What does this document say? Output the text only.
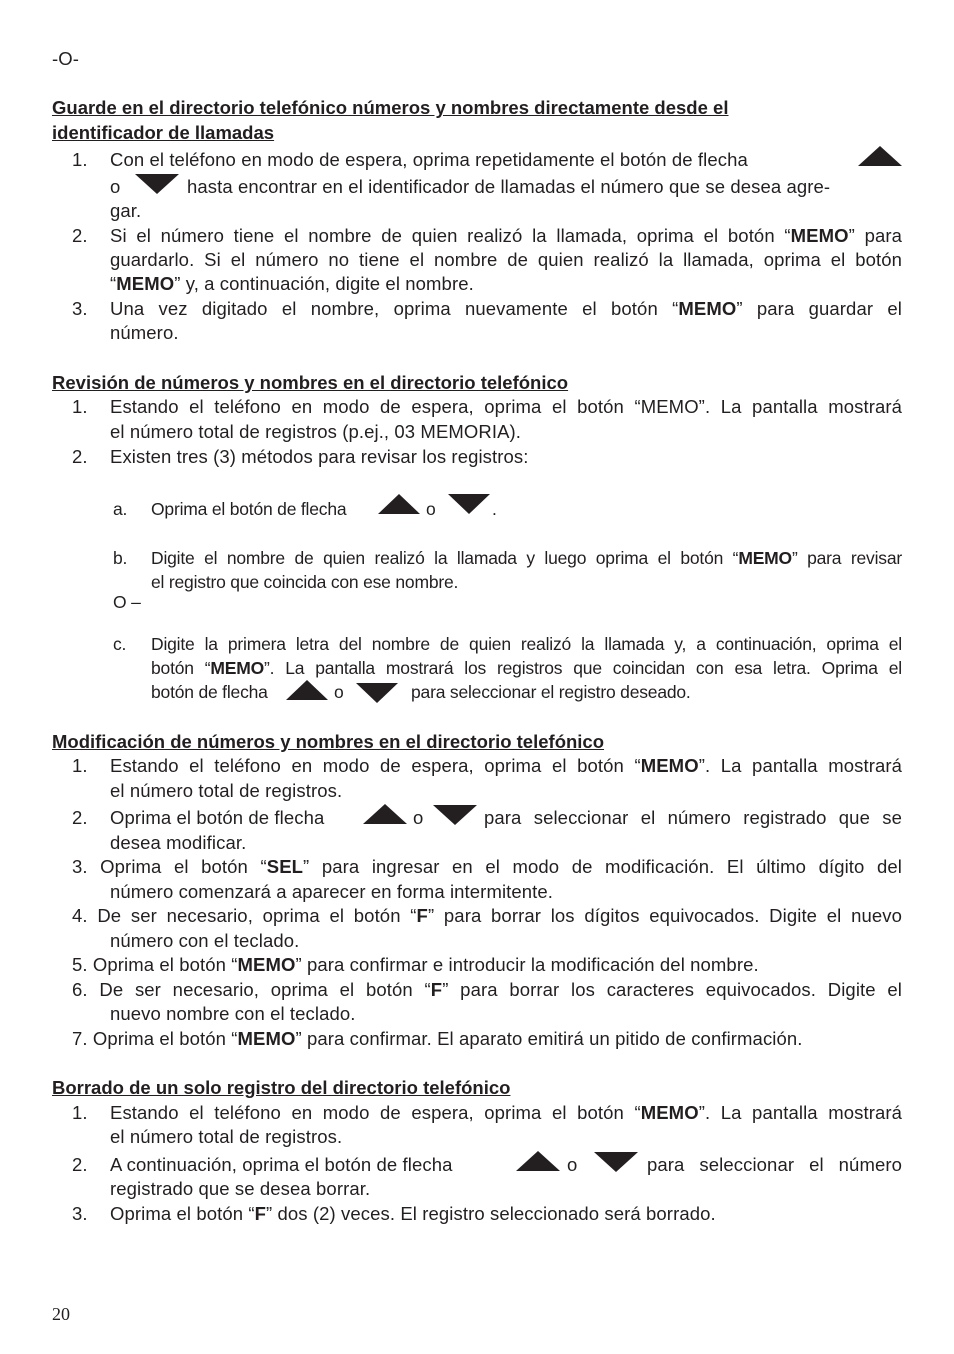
-O-
Guarde en el directorio telefónico números y nombres directamente desde el
identificador de llamadas
1. Con el teléfono en modo de espera, oprima repetidamente el botón de flecha
o	hasta encontrar en el identificador de llamadas el número que se desea agre-
gar.
2. Si el número tiene el nombre de quien realizó la llamada, oprima el botón “MEMO” para
guardarlo. Si el número no tiene el nombre de quien realizó la llamada, oprima el botón
“MEMO” y, a continuación, digite el nombre.
3. Una vez digitado el nombre, oprima nuevamente el botón “MEMO” para guardar el
número.
Revisión de números y nombres en el directorio telefónico
1. Estando el teléfono en modo de espera, oprima el botón “MEMO”. La pantalla mostrará
el número total de registros (p.ej., 03 MEMORIA).
2. Existen tres (3) métodos para revisar los registros:
a. Oprima el botón de flecha	o	.
b. Digite el nombre de quien realizó la llamada y luego oprima el botón “MEMO” para revisar
el registro que coincida con ese nombre.
O –
c. Digite la primera letra del nombre de quien realizó la llamada y, a continuación, oprima el
botón “MEMO”. La pantalla mostrará los registros que coincidan con esa letra. Oprima el
botón de flecha	o	para seleccionar el registro deseado.
Modificación de números y nombres en el directorio telefónico
1. Estando el teléfono en modo de espera, oprima el botón “MEMO”. La pantalla mostrará
el número total de registros.
2. Oprima el botón de flecha	o	para seleccionar el número registrado que se
desea modificar.
3. Oprima el botón “SEL” para ingresar en el modo de modificación. El último dígito del
número comenzará a aparecer en forma intermitente.
4. De ser necesario, oprima el botón “F” para borrar los dígitos equivocados. Digite el nuevo
número con el teclado.
5. Oprima el botón “MEMO” para confirmar e introducir la modificación del nombre.
6. De ser necesario, oprima el botón “F” para borrar los caracteres equivocados. Digite el
nuevo nombre con el teclado.
7. Oprima el botón “MEMO” para confirmar. El aparato emitirá un pitido de confirmación.
Borrado de un solo registro del directorio telefónico
1. Estando el teléfono en modo de espera, oprima el botón “MEMO”. La pantalla mostrará
el número total de registros.
2. A continuación, oprima el botón de flecha	o	para seleccionar el número
registrado que se desea borrar.
3. Oprima el botón “F” dos (2) veces. El registro seleccionado será borrado.
20
